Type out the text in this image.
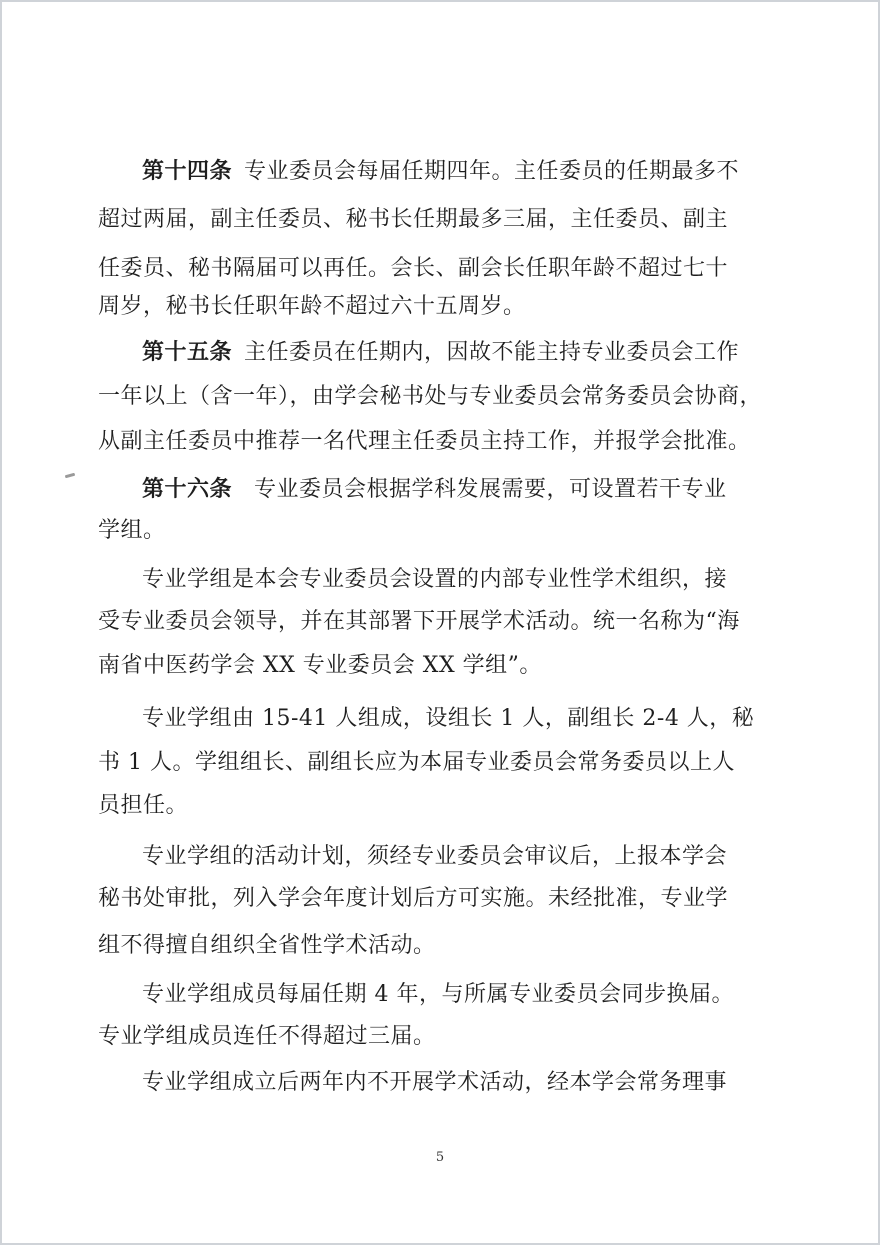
第十四条 专业委员会每届任期四年。主任委员的任期最多不
超过两届，副主任委员、秘书长任期最多三届，主任委员、副主
任委员、秘书隔届可以再任。会长、副会长任职年龄不超过七十
周岁，秘书长任职年龄不超过六十五周岁。
第十五条 主任委员在任期内，因故不能主持专业委员会工作
一年以上（含一年），由学会秘书处与专业委员会常务委员会协商，
从副主任委员中推荐一名代理主任委员主持工作，并报学会批准。
第十六条 专业委员会根据学科发展需要，可设置若干专业
学组。
专业学组是本会专业委员会设置的内部专业性学术组织，接
受专业委员会领导，并在其部署下开展学术活动。统一名称为“海
南省中医药学会 XX 专业委员会 XX 学组”。
专业学组由 15-41 人组成，设组长 1 人，副组长 2-4 人，秘
书 1 人。学组组长、副组长应为本届专业委员会常务委员以上人
员担任。
专业学组的活动计划，须经专业委员会审议后，上报本学会
秘书处审批，列入学会年度计划后方可实施。未经批准，专业学
组不得擅自组织全省性学术活动。
专业学组成员每届任期 4 年，与所属专业委员会同步换届。
专业学组成员连任不得超过三届。
专业学组成立后两年内不开展学术活动，经本学会常务理事
5
